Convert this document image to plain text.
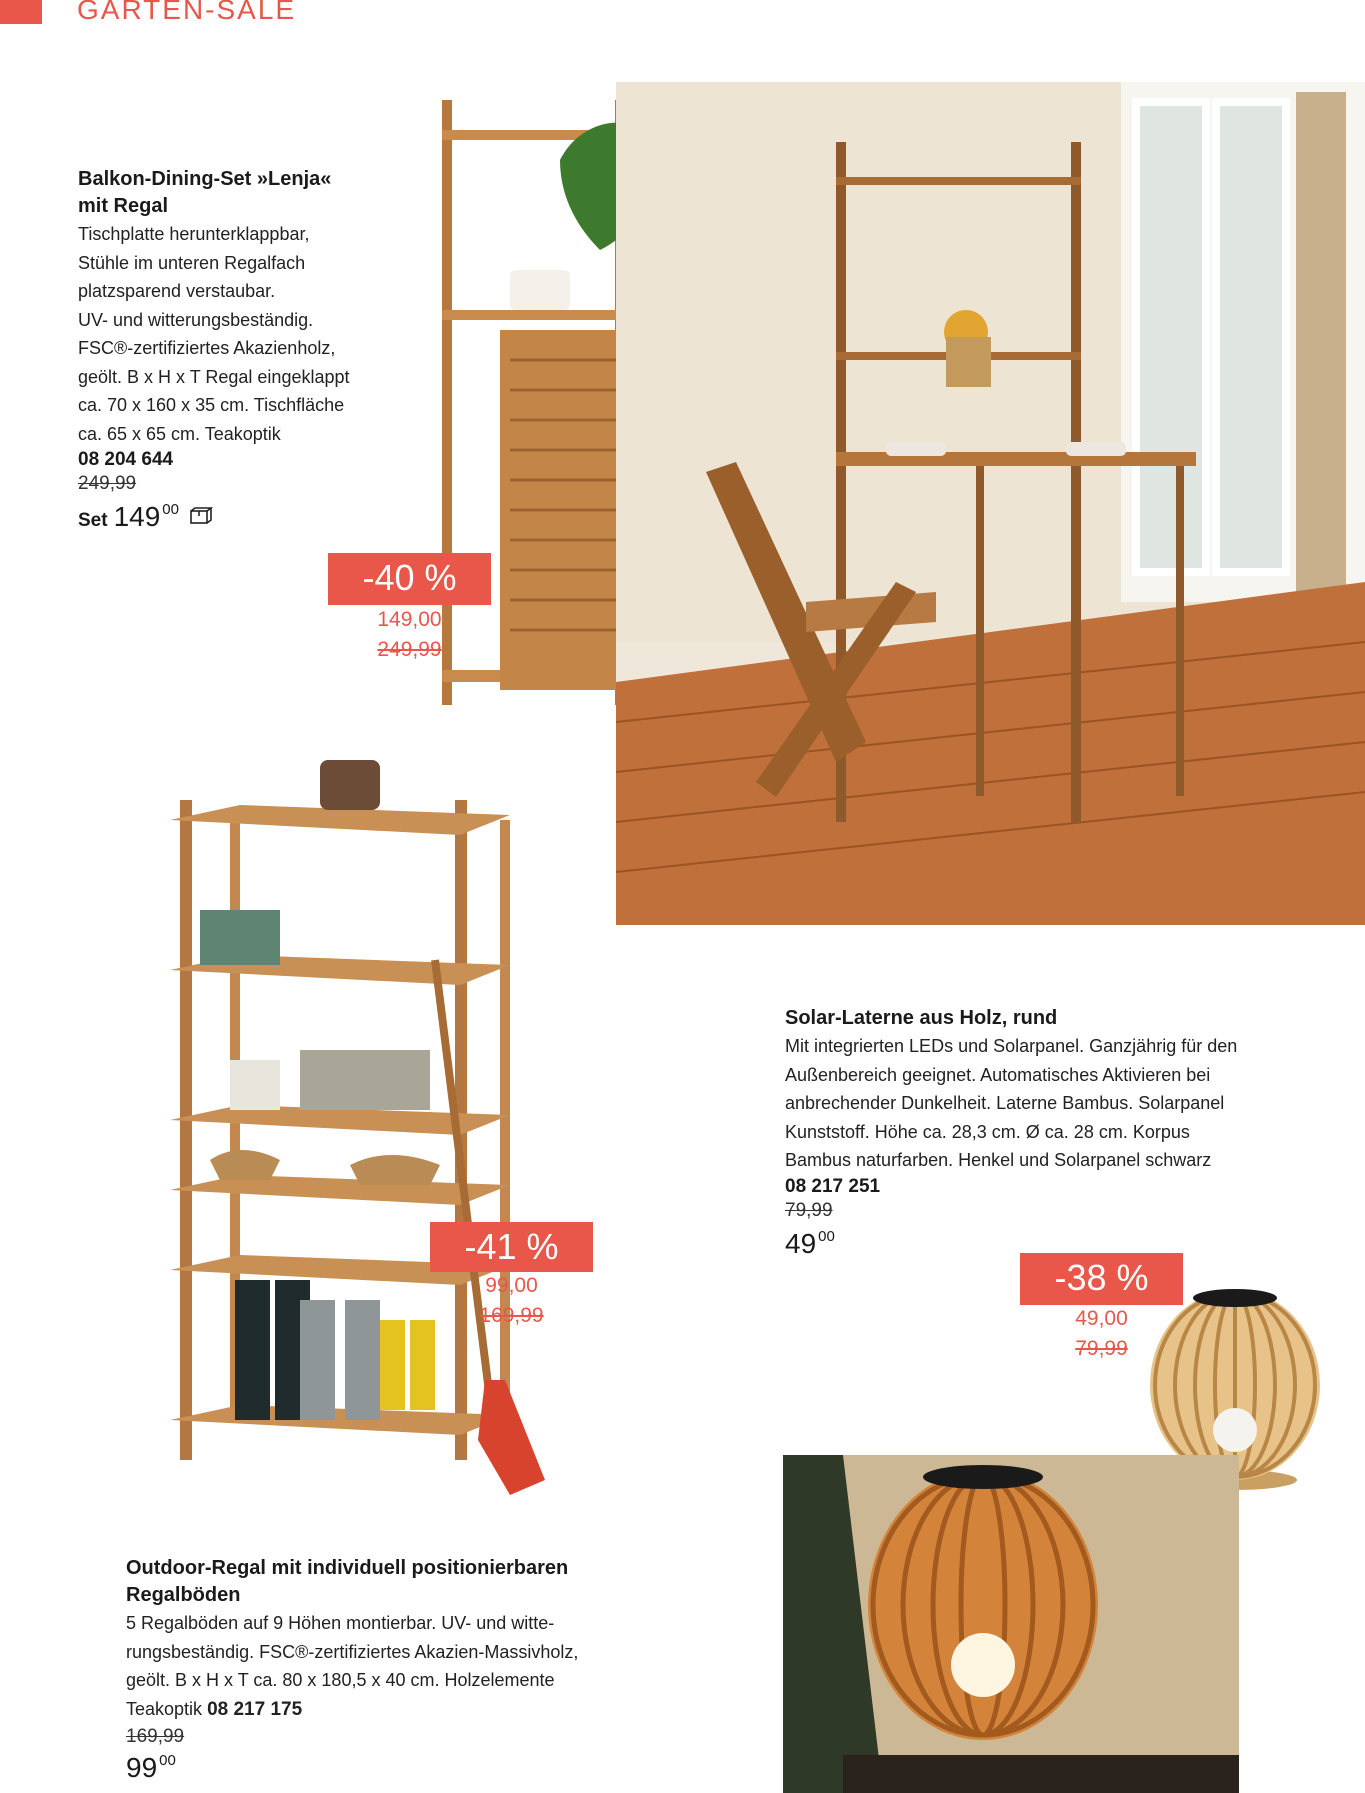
GARTEN-SALE
Balkon-Dining-Set »Lenja«
mit Regal
Tischplatte herunterklappbar,
Stühle im unteren Regalfach
platzsparend verstaubar.
UV- und witterungsbeständig.
FSC®-zertifiziertes Akazienholz,
geölt. B x H x T Regal eingeklappt
ca. 70 x 160 x 35 cm. Tischfläche
ca. 65 x 65 cm. Teakoptik
08 204 644
249,99
Set 149 $^{00}$
-40 %
149,00
249,99
-41 %
99,00
169,99
Solar-Laterne aus Holz, rund
Mit integrierten LEDs und Solarpanel. Ganzjährig für den
Außenbereich geeignet. Automatisches Aktivieren bei
anbrechender Dunkelheit. Laterne Bambus. Solarpanel
Kunststoff. Höhe ca. 28,3 cm. Ø ca. 28 cm. Korpus
Bambus naturfarben. Henkel und Solarpanel schwarz
08 217 251
79,99
49 $^{00}$
-38 %
49,00
79,99
Outdoor-Regal mit individuell positionierbaren
Regalböden
5 Regalböden auf 9 Höhen montierbar. UV- und witte-
rungsbeständig. FSC®-zertifiziertes Akazien-Massivholz,
geölt. B x H x T ca. 80 x 180,5 x 40 cm. Holzelemente
Teakoptik 08 217 175
169,99
99 $^{00}$
